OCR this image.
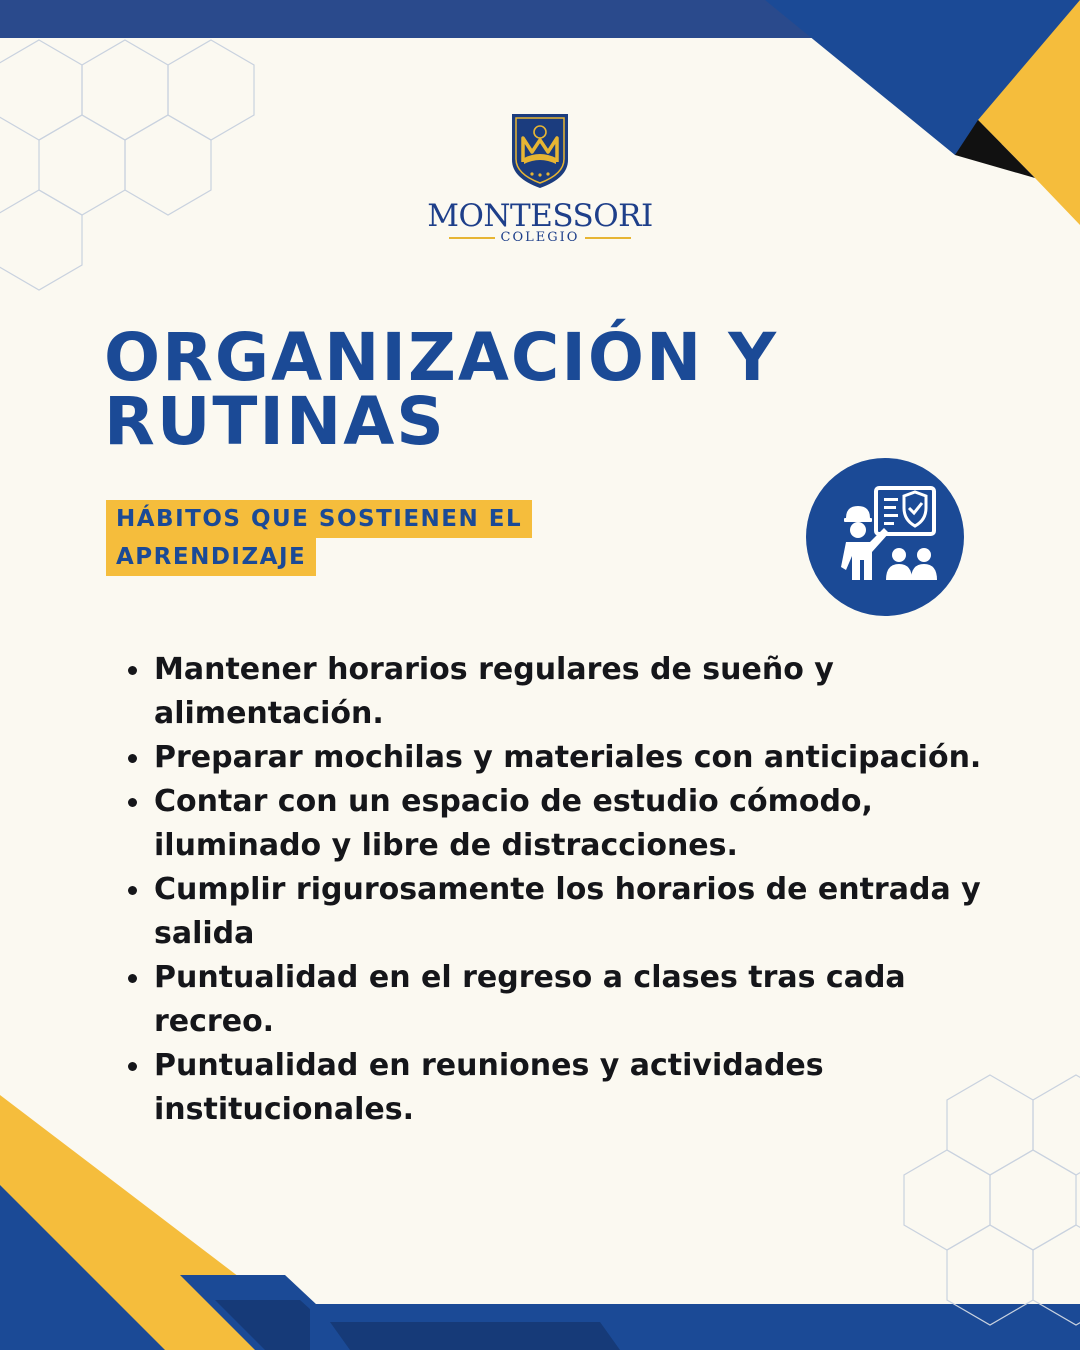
MONTESSORI
COLEGIO
ORGANIZACIÓN Y
RUTINAS
HÁBITOS QUE SOSTIENEN EL

APRENDIZAJE
Mantener horarios regulares de sueño y alimentación.
Preparar mochilas y materiales con anticipación.
Contar con un espacio de estudio cómodo, iluminado y libre de distracciones.
Cumplir rigurosamente los horarios de entrada y salida
Puntualidad en el regreso a clases tras cada recreo.
Puntualidad en reuniones y actividades institucionales.
